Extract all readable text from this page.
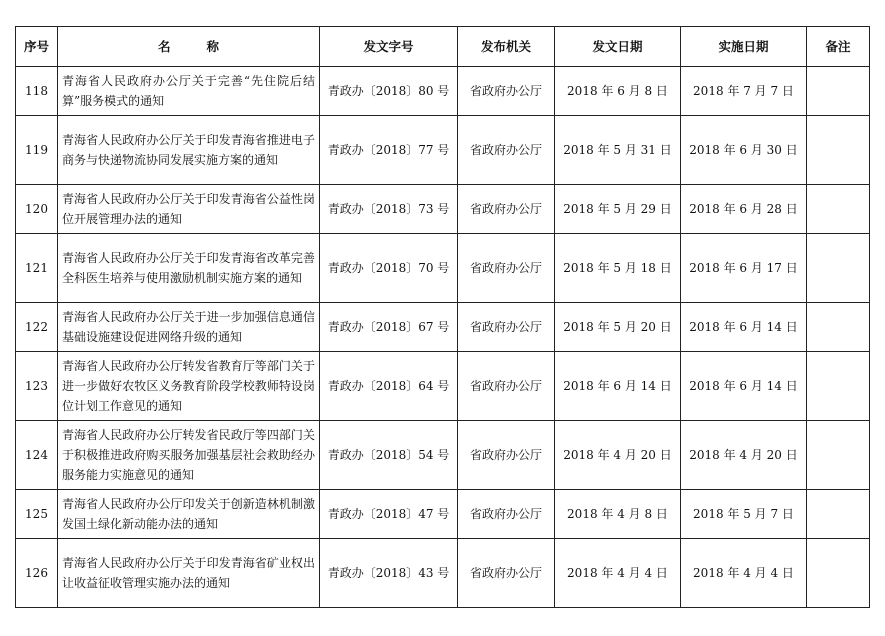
序号	名 称	发文字号	发布机关	发文日期	实施日期	备注
118	青海省人民政府办公厅关于完善“先住院后结算”服务模式的通知	青政办〔2018〕80 号	省政府办公厅	2018 年 6 月 8 日	2018 年 7 月 7 日	
119	青海省人民政府办公厅关于印发青海省推进电子商务与快递物流协同发展实施方案的通知	青政办〔2018〕77 号	省政府办公厅	2018 年 5 月 31 日	2018 年 6 月 30 日	
120	青海省人民政府办公厅关于印发青海省公益性岗位开展管理办法的通知	青政办〔2018〕73 号	省政府办公厅	2018 年 5 月 29 日	2018 年 6 月 28 日	
121	青海省人民政府办公厅关于印发青海省改革完善全科医生培养与使用激励机制实施方案的通知	青政办〔2018〕70 号	省政府办公厅	2018 年 5 月 18 日	2018 年 6 月 17 日	
122	青海省人民政府办公厅关于进一步加强信息通信基础设施建设促进网络升级的通知	青政办〔2018〕67 号	省政府办公厅	2018 年 5 月 20 日	2018 年 6 月 14 日	
123	青海省人民政府办公厅转发省教育厅等部门关于进一步做好农牧区义务教育阶段学校教师特设岗位计划工作意见的通知	青政办〔2018〕64 号	省政府办公厅	2018 年 6 月 14 日	2018 年 6 月 14 日	
124	青海省人民政府办公厅转发省民政厅等四部门关于积极推进政府购买服务加强基层社会救助经办服务能力实施意见的通知	青政办〔2018〕54 号	省政府办公厅	2018 年 4 月 20 日	2018 年 4 月 20 日	
125	青海省人民政府办公厅印发关于创新造林机制激发国土绿化新动能办法的通知	青政办〔2018〕47 号	省政府办公厅	2018 年 4 月 8 日	2018 年 5 月 7 日	
126	青海省人民政府办公厅关于印发青海省矿业权出让收益征收管理实施办法的通知	青政办〔2018〕43 号	省政府办公厅	2018 年 4 月 4 日	2018 年 4 月 4 日	
